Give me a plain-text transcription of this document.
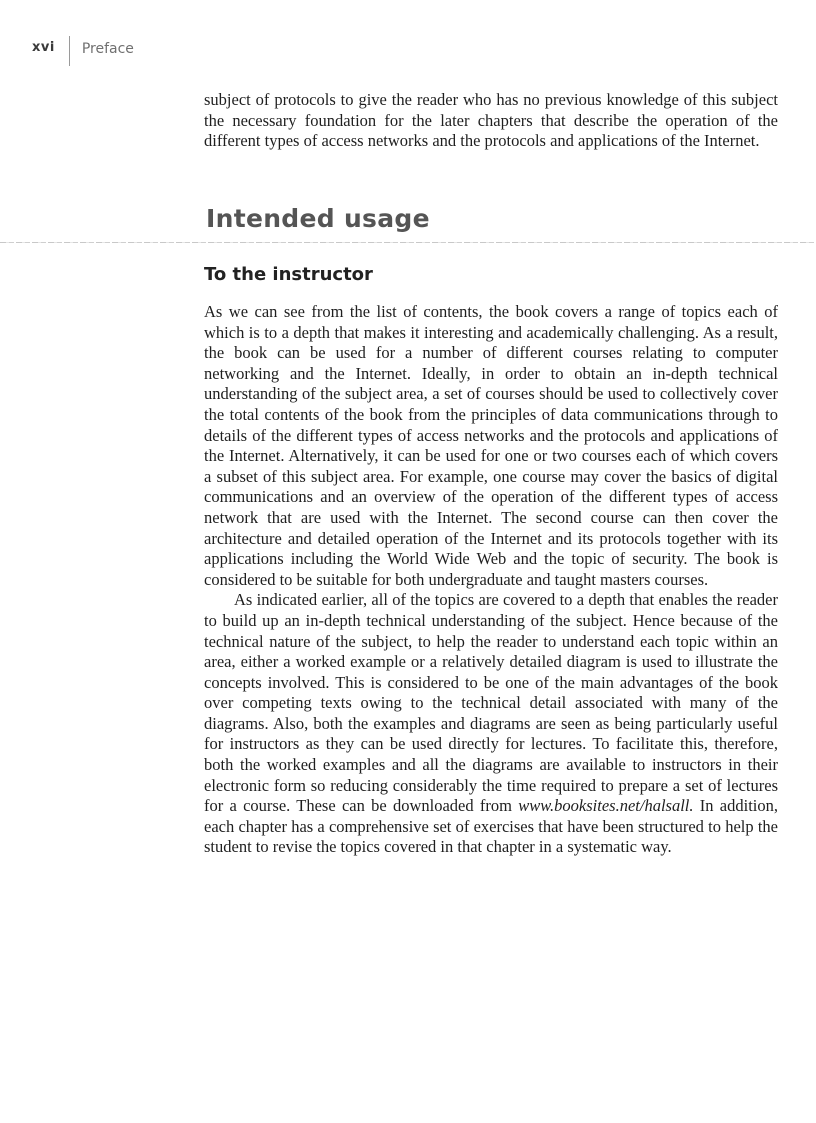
xvi Preface

subject of protocols to give the reader who has no previous knowledge of this subject the necessary foundation for the later chapters that describe the operation of the different types of access networks and the protocols and applications of the Internet.

Intended usage
To the instructor

As we can see from the list of contents, the book covers a range of topics each of which is to a depth that makes it interesting and academically challenging. As a result, the book can be used for a number of different courses relating to computer networking and the Internet. Ideally, in order to obtain an in-depth technical understanding of the subject area, a set of courses should be used to collectively cover the total contents of the book from the principles of data communications through to details of the different types of access networks and the protocols and applications of the Internet. Alternatively, it can be used for one or two courses each of which covers a subset of this subject area. For example, one course may cover the basics of digital communications and an overview of the operation of the different types of access network that are used with the Internet. The second course can then cover the architecture and detailed operation of the Internet and its protocols together with its applications including the World Wide Web and the topic of security. The book is considered to be suitable for both undergraduate and taught masters courses.

As indicated earlier, all of the topics are covered to a depth that enables the reader to build up an in-depth technical understanding of the subject. Hence because of the technical nature of the subject, to help the reader to understand each topic within an area, either a worked example or a relatively detailed diagram is used to illustrate the concepts involved. This is considered to be one of the main advantages of the book over competing texts owing to the technical detail associated with many of the diagrams. Also, both the examples and diagrams are seen as being particularly useful for instructors as they can be used directly for lectures. To facilitate this, therefore, both the worked examples and all the diagrams are available to instructors in their electronic form so reducing considerably the time required to prepare a set of lectures for a course. These can be downloaded from www.booksites.net/halsall. In addition, each chapter has a comprehensive set of exercises that have been structured to help the student to revise the topics covered in that chapter in a systematic way.
